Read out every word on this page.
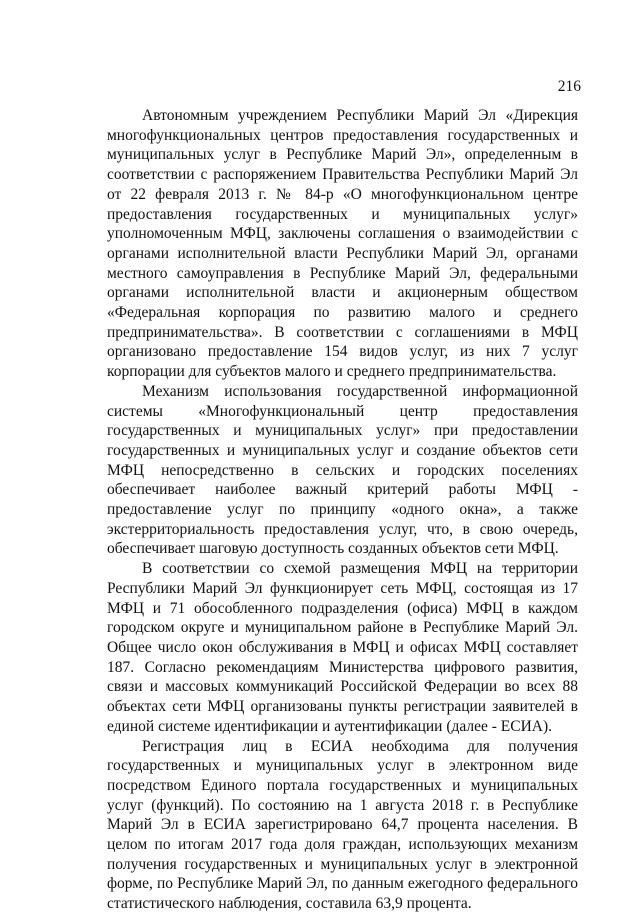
216

Автономным учреждением Республики Марий Эл «Дирекция многофункциональных центров предоставления государственных и муниципальных услуг в Республике Марий Эл», определенным в соответствии с распоряжением Правительства Республики Марий Эл от 22 февраля 2013 г. № 84-р «О многофункциональном центре предоставления государственных и муниципальных услуг» уполномоченным МФЦ, заключены соглашения о взаимодействии с органами исполнительной власти Республики Марий Эл, органами местного самоуправления в Республике Марий Эл, федеральными органами исполнительной власти и акционерным обществом «Федеральная корпорация по развитию малого и среднего предпринимательства». В соответствии с соглашениями в МФЦ организовано предоставление 154 видов услуг, из них 7 услуг корпорации для субъектов малого и среднего предпринимательства.

Механизм использования государственной информационной системы «Многофункциональный центр предоставления государственных и муниципальных услуг» при предоставлении государственных и муниципальных услуг и создание объектов сети МФЦ непосредственно в сельских и городских поселениях обеспечивает наиболее важный критерий работы МФЦ - предоставление услуг по принципу «одного окна», а также экстерриториальность предоставления услуг, что, в свою очередь, обеспечивает шаговую доступность созданных объектов сети МФЦ.

В соответствии со схемой размещения МФЦ на территории Республики Марий Эл функционирует сеть МФЦ, состоящая из 17 МФЦ и 71 обособленного подразделения (офиса) МФЦ в каждом городском округе и муниципальном районе в Республике Марий Эл. Общее число окон обслуживания в МФЦ и офисах МФЦ составляет 187. Согласно рекомендациям Министерства цифрового развития, связи и массовых коммуникаций Российской Федерации во всех 88 объектах сети МФЦ организованы пункты регистрации заявителей в единой системе идентификации и аутентификации (далее - ЕСИА).

Регистрация лиц в ЕСИА необходима для получения государственных и муниципальных услуг в электронном виде посредством Единого портала государственных и муниципальных услуг (функций). По состоянию на 1 августа 2018 г. в Республике Марий Эл в ЕСИА зарегистрировано 64,7 процента населения. В целом по итогам 2017 года доля граждан, использующих механизм получения государственных и муниципальных услуг в электронной форме, по Республике Марий Эл, по данным ежегодного федерального статистического наблюдения, составила 63,9 процента.
